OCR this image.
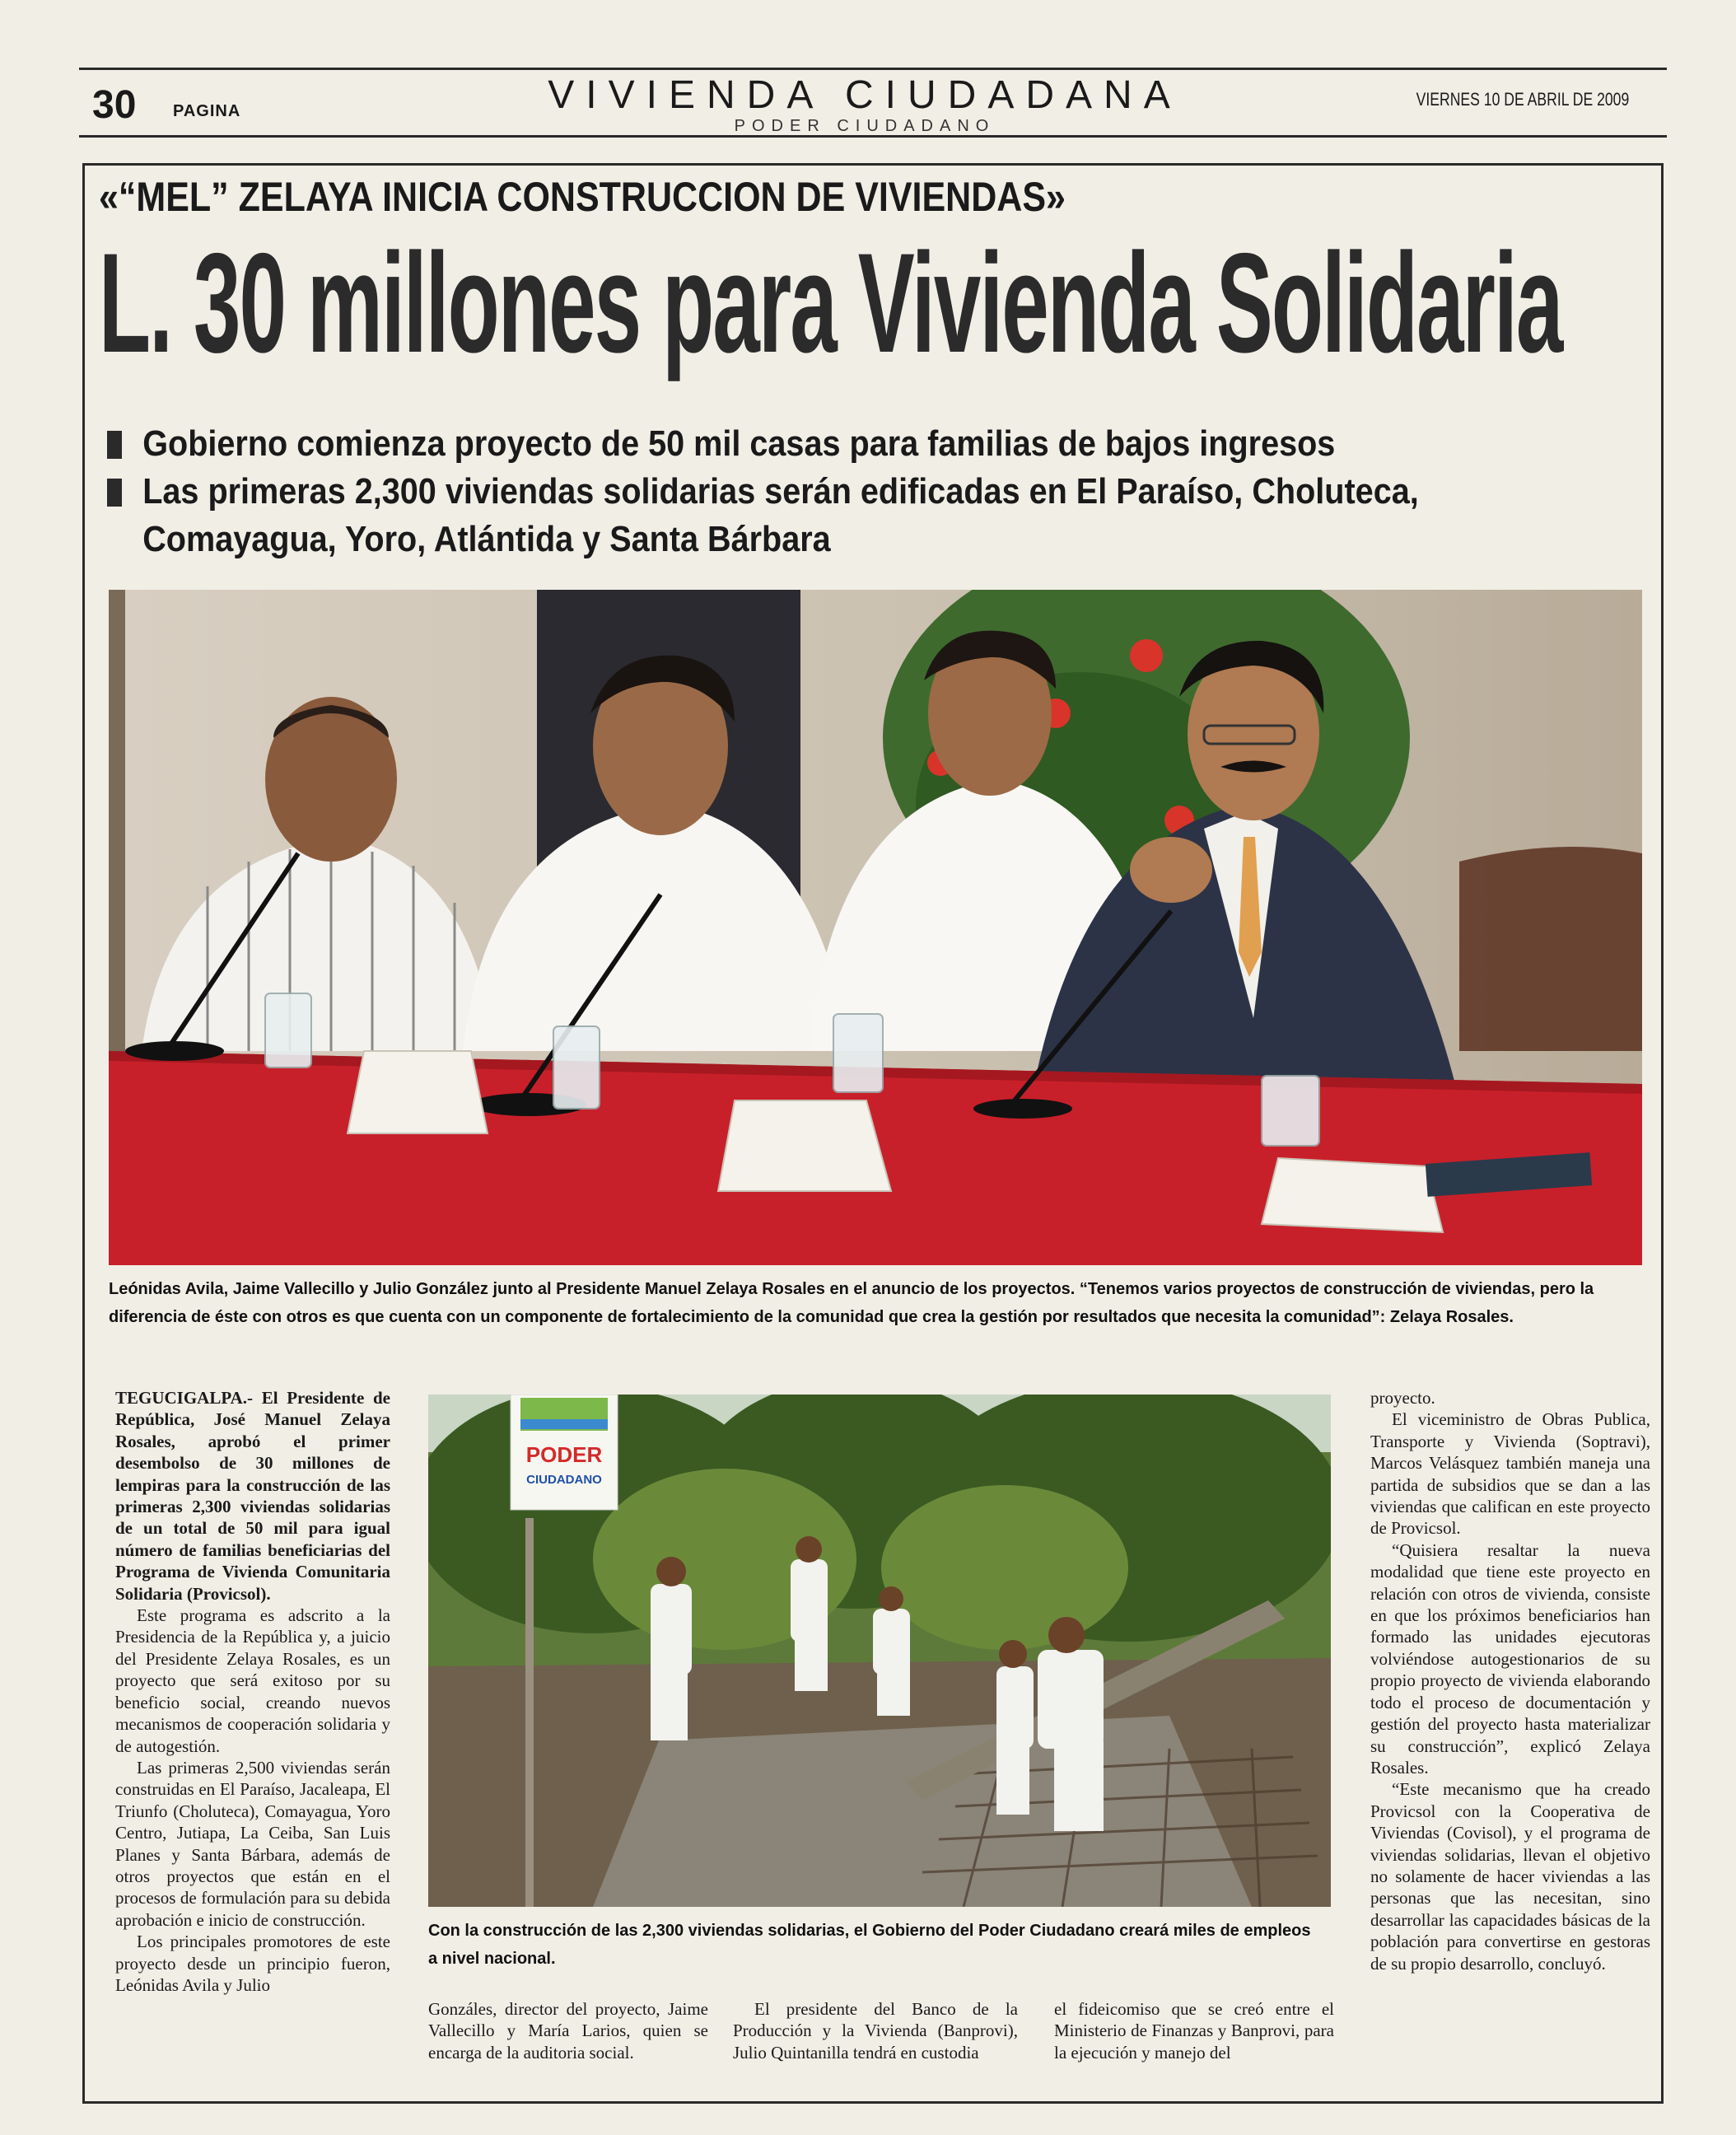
30 PAGINA	VIVIENDA CIUDADANA
PODER CIUDADANO
VIERNES 10 DE ABRIL DE 2009
«“MEL” ZELAYA INICIA CONSTRUCCION DE VIVIENDAS»
L. 30 millones para Vivienda Solidaria
Gobierno comienza proyecto de 50 mil casas para familias de bajos ingresos
Las primeras 2,300 viviendas solidarias serán edificadas en El Paraíso, Choluteca,
Comayagua, Yoro, Atlántida y Santa Bárbara
Leónidas Avila, Jaime Vallecillo y Julio González junto al Presidente Manuel Zelaya Rosales en el anuncio de los proyectos. “Tenemos varios proyectos de construcción de viviendas, pero la
diferencia de éste con otros es que cuenta con un componente de fortalecimiento de la comunidad que crea la gestión por resultados que necesita la comunidad”: Zelaya Rosales.
PODER
CIUDADANO
Con la construcción de las 2,300 viviendas solidarias, el Gobierno del Poder Ciudadano creará miles de empleos
a nivel nacional.

TEGUCIGALPA.- El Presidente de República, José Manuel Zelaya Rosales, aprobó el primer desembolso de 30 millones de lempiras para la construcción de las primeras 2,300 viviendas solidarias de un total de 50 mil para igual número de familias beneficiarias del Programa de Vivienda Comunitaria Solidaria (Provicsol).

Este programa es adscrito a la Presidencia de la República y, a juicio del Presidente Zelaya Rosales, es un proyecto que será exitoso por su beneficio social, creando nuevos mecanismos de cooperación solidaria y de autogestión.

Las primeras 2,500 viviendas serán construidas en El Paraíso, Jacaleapa, El Triunfo (Choluteca), Comayagua, Yoro Centro, Jutiapa, La Ceiba, San Luis Planes y Santa Bárbara, además de otros proyectos que están en el procesos de formulación para su debida aprobación e inicio de construcción.

Los principales promotores de este proyecto desde un principio fueron, Leónidas Avila y Julio

Gonzáles, director del proyecto, Jaime Vallecillo y María Larios, quien se encarga de la auditoria social.

El presidente del Banco de la Producción y la Vivienda (Banprovi), Julio Quintanilla tendrá en custodia

el fideicomiso que se creó entre el Ministerio de Finanzas y Banprovi, para la ejecución y manejo del

proyecto.

El viceministro de Obras Publica, Transporte y Vivienda (Soptravi), Marcos Velásquez también maneja una partida de subsidios que se dan a las viviendas que califican en este proyecto de Provicsol.

“Quisiera resaltar la nueva modalidad que tiene este proyecto en relación con otros de vivienda, consiste en que los próximos beneficiarios han formado las unidades ejecutoras volviéndose autogestionarios de su propio proyecto de vivienda elaborando todo el proceso de documentación y gestión del proyecto hasta materializar su construcción”, explicó Zelaya Rosales.

“Este mecanismo que ha creado Provicsol con la Cooperativa de Viviendas (Covisol), y el programa de viviendas solidarias, llevan el objetivo no solamente de hacer viviendas a las personas que las necesitan, sino desarrollar las capacidades básicas de la población para convertirse en gestoras de su propio desarrollo, concluyó.
